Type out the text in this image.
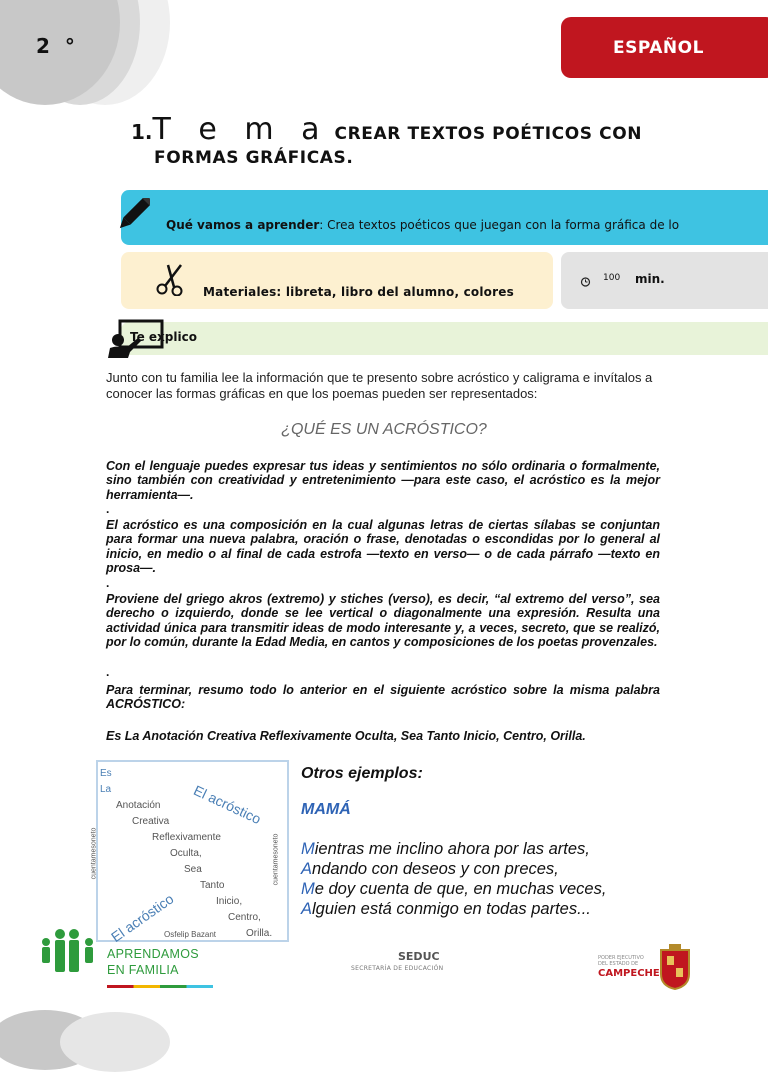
2 °	ESPAÑOL
1.T e m a CREAR TEXTOS POÉTICOS CON
FORMAS GRÁFICAS.
Qué vamos a aprender: Crea textos poéticos que juegan con la forma gráfica de lo
Materiales: libreta, libro del alumno, colores
100 min.
Te explico
Junto con tu familia lee la información que te presento sobre acróstico y caligrama e invítalos a conocer las formas gráficas en que los poemas pueden ser representados:
¿QUÉ ES UN ACRÓSTICO?
Con el lenguaje puedes expresar tus ideas y sentimientos no sólo ordinaria o formalmente, sino también con creatividad y entretenimiento —para este caso, el acróstico es la mejor herramienta—.
.
El acróstico es una composición en la cual algunas letras de ciertas sílabas se conjuntan para formar una nueva palabra, oración o frase, denotadas o escondidas por lo general al inicio, en medio o al final de cada estrofa —texto en verso— o de cada párrafo —texto en prosa—.
.
Proviene del griego akros (extremo) y stiches (verso), es decir, “al extremo del verso”, sea derecho o izquierdo, donde se lee vertical o diagonalmente una expresión. Resulta una actividad única para transmitir ideas de modo interesante y, a veces, secreto, que se realizó, por lo común, durante la Edad Media, en cantos y composiciones de los poetas provenzales.
.
Para terminar, resumo todo lo anterior en el siguiente acróstico sobre la misma palabra ACRÓSTICO:
Es La Anotación Creativa Reflexivamente Oculta, Sea Tanto Inicio, Centro, Orilla.
Es
La
Anotación
Creativa
Reflexivamente
Oculta,
Sea
Tanto
Inicio,
Centro,
Orilla.
El acróstico
El acróstico
cuentamesoneto	cuentamesoneto
Osfelip Bazant
Otros ejemplos:
MAMÁ
Mientras me inclino ahora por las artes,
Andando con deseos y con preces,
Me doy cuenta de que, en muchas veces,
Alguien está conmigo en todas partes...
APRENDAMOS
EN FAMILIA
SEDUC
SECRETARÍA DE EDUCACIÓN
PODER EJECUTIVO
DEL ESTADO DE
CAMPECHE
